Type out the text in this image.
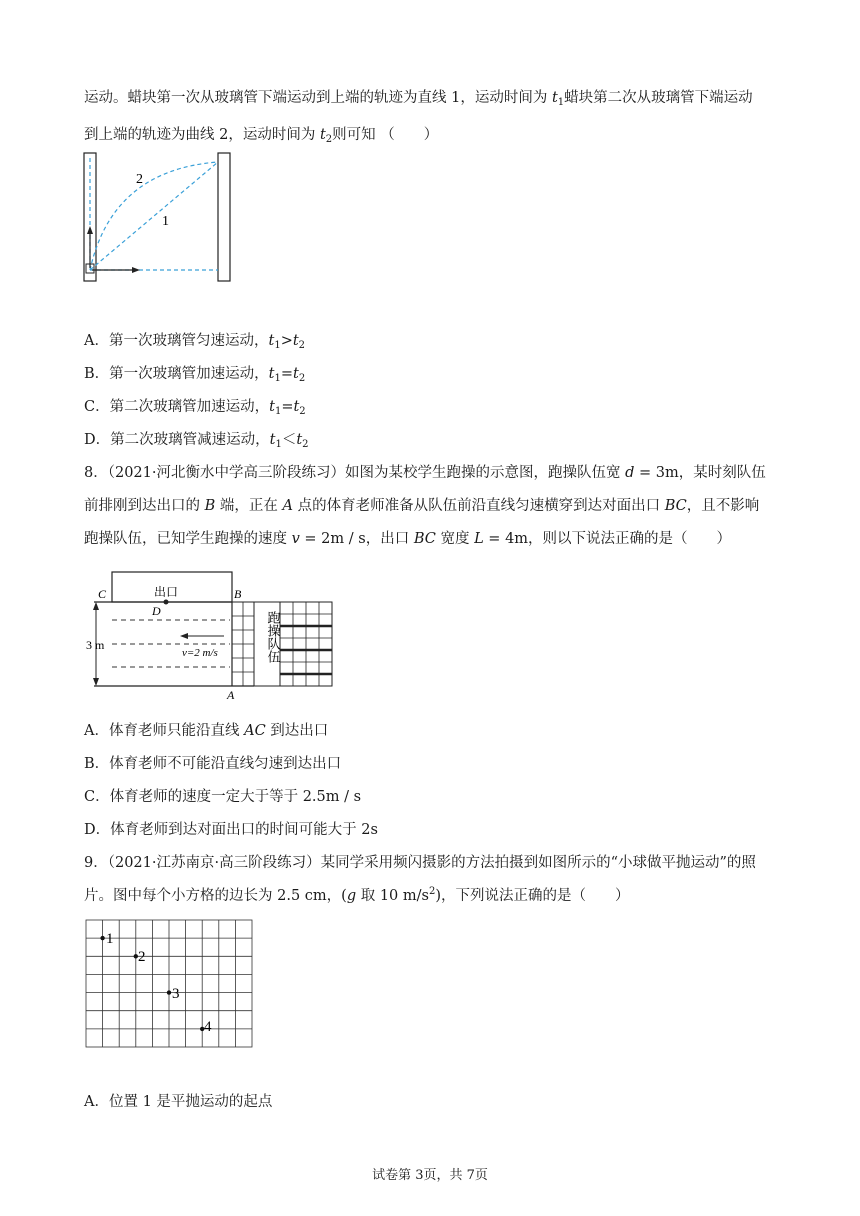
运动。蜡块第一次从玻璃管下端运动到上端的轨迹为直线 1，运动时间为 $t_1$蜡块第二次从玻璃管下端运动
到上端的轨迹为曲线 2，运动时间为 $t_2$则可知 （　　）
2
1
A．第一次玻璃管匀速运动，$t_1>t_2$
B．第一次玻璃管加速运动，$t_1=t_2$
C．第二次玻璃管加速运动，$t_1=t_2$
D．第二次玻璃管减速运动，$t_1<t_2$
8．（2021·河北衡水中学高三阶段练习）如图为某校学生跑操的示意图，跑操队伍宽 d = 3m，某时刻队伍
前排刚到达出口的 B 端，正在 A 点的体育老师准备从队伍前沿直线匀速横穿到达对面出口 BC，且不影响
跑操队伍，已知学生跑操的速度 v = 2m / s，出口 BC 宽度 L = 4m，则以下说法正确的是（　　）
C	出口
D
B
3 m
v=2 m/s	跑操队伍
A
A．体育老师只能沿直线 AC 到达出口
B．体育老师不可能沿直线匀速到达出口
C．体育老师的速度一定大于等于 2.5m / s
D．体育老师到达对面出口的时间可能大于 2s
9．（2021·江苏南京·高三阶段练习）某同学采用频闪摄影的方法拍摄到如图所示的“小球做平抛运动”的照
片。图中每个小方格的边长为 2.5 cm，(g 取 10 $m/s^2$)，下列说法正确的是（　　）
1
2
3
4
A．位置 1 是平抛运动的起点
试卷第 3页，共 7页
